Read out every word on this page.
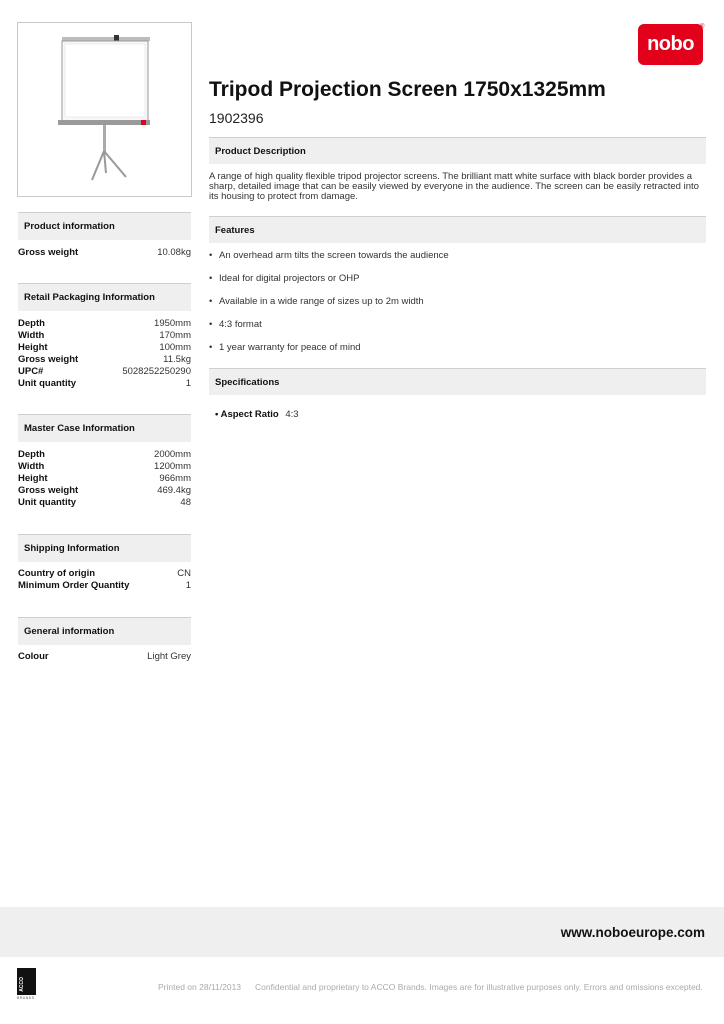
nobo
®
Tripod Projection Screen 1750x1325mm
1902396
Product Description
A range of high quality flexible tripod projector screens. The brilliant matt white surface with black border provides a sharp, detailed image that can be easily viewed by everyone in the audience. The screen can be easily retracted into its housing to protect from damage.
Features
• An overhead arm tilts the screen towards the audience
• Ideal for digital projectors or OHP
• Available in a wide range of sizes up to 2m width
• 4:3 format
• 1 year warranty for peace of mind
Specifications
• Aspect Ratio 4:3
Product information
Gross weight	10.08kg
Retail Packaging Information
Depth	1950mm
Width	170mm
Height	100mm
Gross weight	11.5kg
UPC#	5028252250290
Unit quantity	1
Master Case Information
Depth	2000mm
Width	1200mm
Height	966mm
Gross weight	469.4kg
Unit quantity	48
Shipping Information
Country of origin	CN
Minimum Order Quantity	1
General information
Colour	Light Grey
www.noboeurope.com
ACCO
BRANDS
Printed on 28/11/2013 Confidential and proprietary to ACCO Brands. Images are for illustrative purposes only. Errors and omissions excepted.
